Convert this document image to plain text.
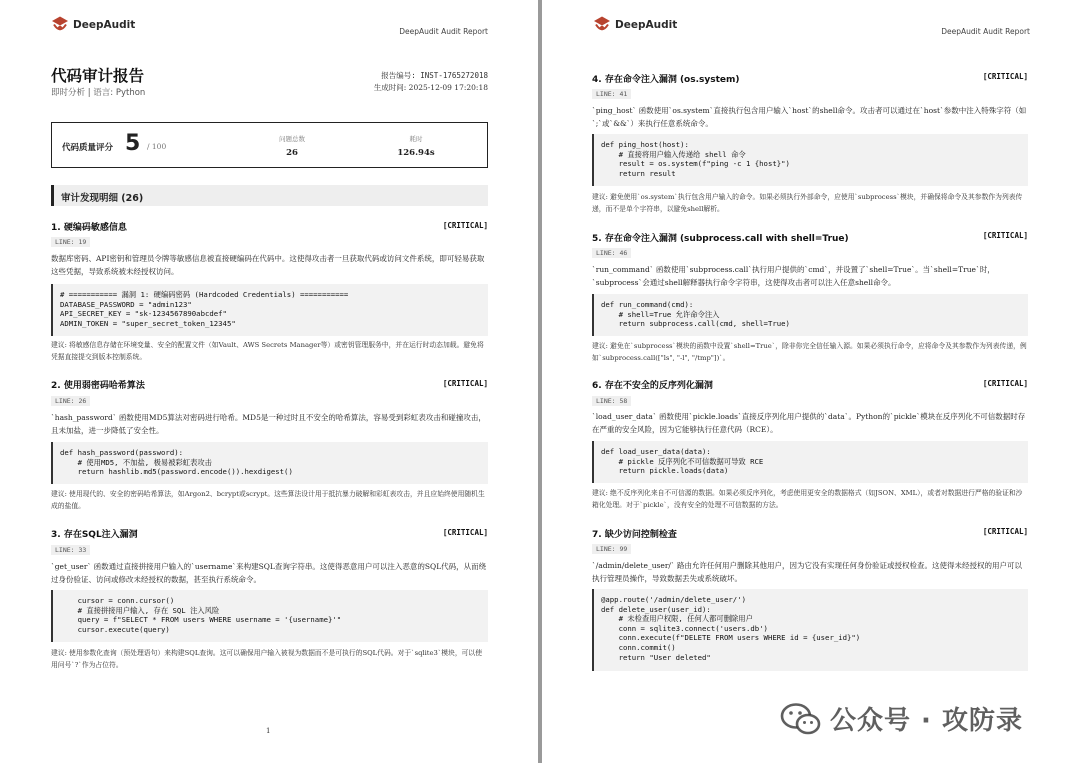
DeepAudit
DeepAudit Audit Report
代码审计报告
即时分析 | 语言: Python
报告编号: INST-1765272018
生成时间: 2025-12-09 17:20:18
代码质量评分 5 / 100
问题总数
26
耗时
126.94s
审计发现明细 (26)
1. 硬编码敏感信息	[CRITICAL]
LINE: 19
数据库密码、API密钥和管理员令牌等敏感信息被直接硬编码在代码中。这使得攻击者一旦获取代码或访问文件系统，即可轻易获取这些凭据，导致系统被未经授权访问。
# =========== 漏洞 1: 硬编码密码 (Hardcoded Credentials) ===========
DATABASE_PASSWORD = "admin123"
API_SECRET_KEY = "sk-1234567890abcdef"
ADMIN_TOKEN = "super_secret_token_12345"
建议: 将敏感信息存储在环境变量、安全的配置文件（如Vault、AWS Secrets Manager等）或密钥管理服务中，并在运行时动态加载。避免将凭据直接提交到版本控制系统。
2. 使用弱密码哈希算法	[CRITICAL]
LINE: 26
`hash_password` 函数使用MD5算法对密码进行哈希。MD5是一种过时且不安全的哈希算法，容易受到彩虹表攻击和碰撞攻击，且未加盐，进一步降低了安全性。
def hash_password(password):
# 使用MD5, 不加盐, 极易被彩虹表攻击
return hashlib.md5(password.encode()).hexdigest()
建议: 使用现代的、安全的密码哈希算法，如Argon2、bcrypt或scrypt。这些算法设计用于抵抗暴力破解和彩虹表攻击，并且应始终使用随机生成的盐值。
3. 存在SQL注入漏洞	[CRITICAL]
LINE: 33
`get_user` 函数通过直接拼接用户输入的`username`来构建SQL查询字符串。这使得恶意用户可以注入恶意的SQL代码，从而绕过身份验证、访问或修改未经授权的数据，甚至执行系统命令。
cursor = conn.cursor()
# 直接拼接用户输入, 存在 SQL 注入风险
query = f"SELECT * FROM users WHERE username = '{username}'"
cursor.execute(query)
建议: 使用参数化查询（预处理语句）来构建SQL查询。这可以确保用户输入被视为数据而不是可执行的SQL代码。对于`sqlite3`模块，可以使用问号`?`作为占位符。
1
DeepAudit
DeepAudit Audit Report
4. 存在命令注入漏洞 (os.system)	[CRITICAL]
LINE: 41
`ping_host` 函数使用`os.system`直接执行包含用户输入`host`的shell命令。攻击者可以通过在`host`参数中注入特殊字符（如`;`或`&&`）来执行任意系统命令。
def ping_host(host):
# 直接将用户输入传递给 shell 命令
result = os.system(f"ping -c 1 {host}")
return result
建议: 避免使用`os.system`执行包含用户输入的命令。如果必须执行外部命令，应使用`subprocess`模块，并确保将命令及其参数作为列表传递，而不是单个字符串，以避免shell解析。
5. 存在命令注入漏洞 (subprocess.call with shell=True)	[CRITICAL]
LINE: 46
`run_command` 函数使用`subprocess.call`执行用户提供的`cmd`，并设置了`shell=True`。当`shell=True`时，`subprocess`会通过shell解释器执行命令字符串，这使得攻击者可以注入任意shell命令。
def run_command(cmd):
# shell=True 允许命令注入
return subprocess.call(cmd, shell=True)
建议: 避免在`subprocess`模块的函数中设置`shell=True`，除非你完全信任输入源。如果必须执行命令，应将命令及其参数作为列表传递，例如`subprocess.call(["ls", "-l", "/tmp"])`。
6. 存在不安全的反序列化漏洞	[CRITICAL]
LINE: 58
`load_user_data` 函数使用`pickle.loads`直接反序列化用户提供的`data`。Python的`pickle`模块在反序列化不可信数据时存在严重的安全风险，因为它能够执行任意代码（RCE）。
def load_user_data(data):
# pickle 反序列化不可信数据可导致 RCE
return pickle.loads(data)
建议: 绝不反序列化来自不可信源的数据。如果必须反序列化，考虑使用更安全的数据格式（如JSON、XML），或者对数据进行严格的验证和沙箱化处理。对于`pickle`，没有安全的处理不可信数据的方法。
7. 缺少访问控制检查	[CRITICAL]
LINE: 99
`/admin/delete_user/` 路由允许任何用户删除其他用户，因为它没有实现任何身份验证或授权检查。这使得未经授权的用户可以执行管理员操作，导致数据丢失或系统破坏。
@app.route('/admin/delete_user/')
def delete_user(user_id):
# 未检查用户权限, 任何人都可删除用户
conn = sqlite3.connect('users.db')
conn.execute(f"DELETE FROM users WHERE id = {user_id}")
conn.commit()
return "User deleted"
公众号 · 攻防录
